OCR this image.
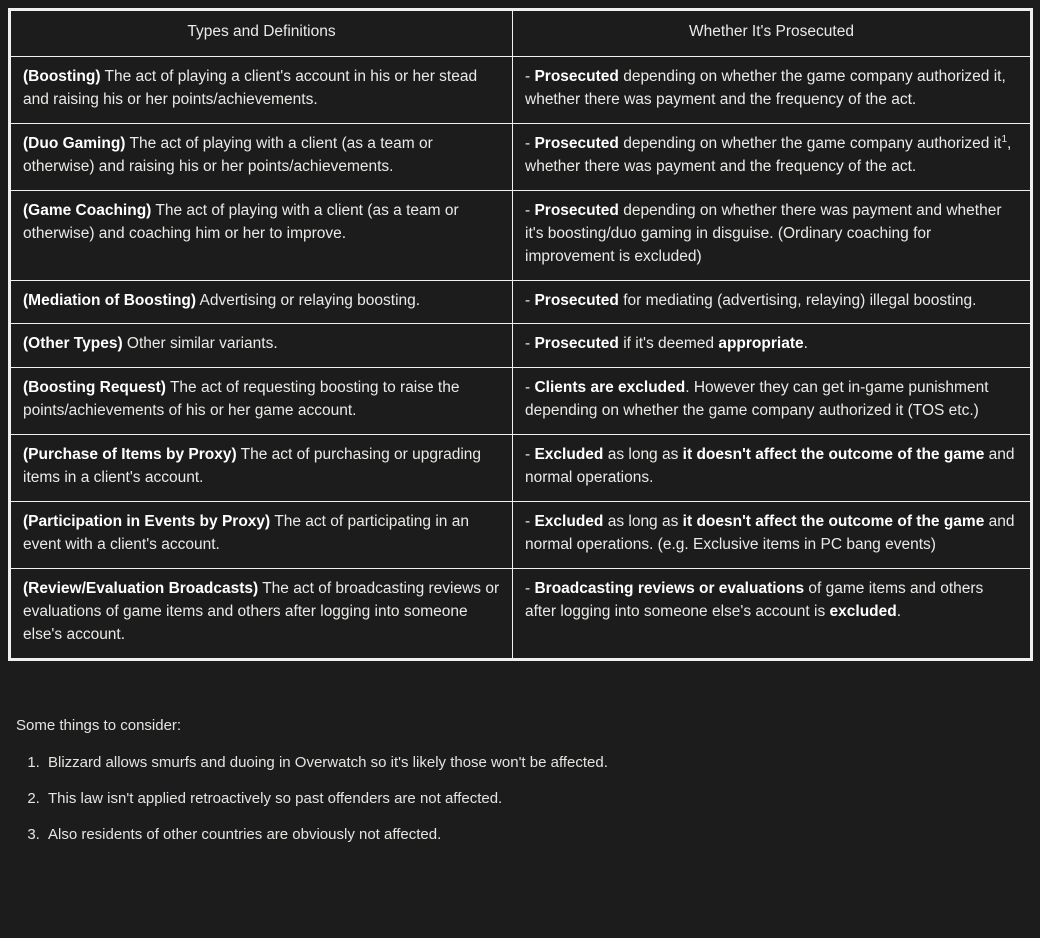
Types and Definitions	Whether It's Prosecuted
(Boosting) The act of playing a client's account in his or her stead and raising his or her points/achievements.	- Prosecuted depending on whether the game company authorized it, whether there was payment and the frequency of the act.
(Duo Gaming) The act of playing with a client (as a team or otherwise) and raising his or her points/achievements.	- Prosecuted depending on whether the game company authorized $it^1$, whether there was payment and the frequency of the act.
(Game Coaching) The act of playing with a client (as a team or otherwise) and coaching him or her to improve.	- Prosecuted depending on whether there was payment and whether it's boosting/duo gaming in disguise. (Ordinary coaching for improvement is excluded)
(Mediation of Boosting) Advertising or relaying boosting.	- Prosecuted for mediating (advertising, relaying) illegal boosting.
(Other Types) Other similar variants.	- Prosecuted if it's deemed appropriate.
(Boosting Request) The act of requesting boosting to raise the points/achievements of his or her game account.	- Clients are excluded. However they can get in-game punishment depending on whether the game company authorized it (TOS etc.)
(Purchase of Items by Proxy) The act of purchasing or upgrading items in a client's account.	- Excluded as long as it doesn't affect the outcome of the game and normal operations.
(Participation in Events by Proxy) The act of participating in an event with a client's account.	- Excluded as long as it doesn't affect the outcome of the game and normal operations. (e.g. Exclusive items in PC bang events)
(Review/Evaluation Broadcasts) The act of broadcasting reviews or evaluations of game items and others after logging into someone else's account.	- Broadcasting reviews or evaluations of game items and others after logging into someone else's account is excluded.
Some things to consider:
1. Blizzard allows smurfs and duoing in Overwatch so it's likely those won't be affected.
2. This law isn't applied retroactively so past offenders are not affected.
3. Also residents of other countries are obviously not affected.
